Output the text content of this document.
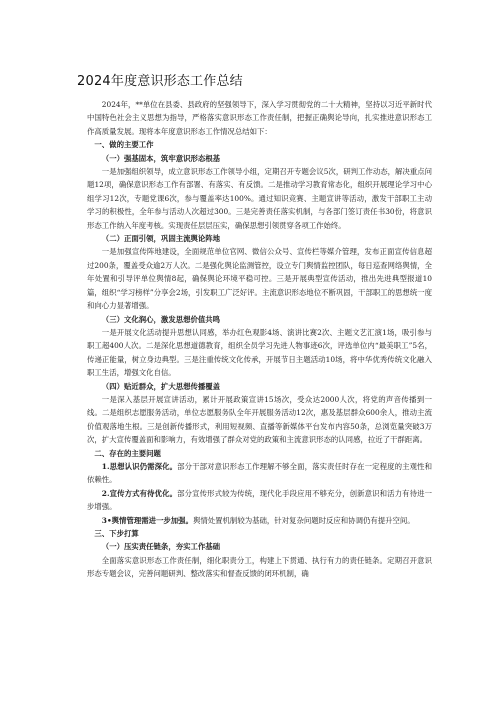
2024年度意识形态工作总结

2024年，**单位在县委、县政府的坚强领导下，深入学习贯彻党的二十大精神，坚持以习近平新时代中国特色社会主义思想为指导，严格落实意识形态工作责任制，把握正确舆论导向，扎实推进意识形态工作高质量发展。现将本年度意识形态工作情况总结如下：

一、做的主要工作

（一）强基固本，筑牢意识形态根基

一是加强组织领导，成立意识形态工作领导小组，定期召开专题会议5次，研判工作动态，解决重点问题12项，确保意识形态工作有部署、有落实、有反馈。二是推动学习教育常态化，组织开展理论学习中心组学习12次，专题党课6次，参与覆盖率达100%。通过知识竞赛、主题宣讲等活动，激发干部职工主动学习的积极性，全年参与活动人次超过300。三是完善责任落实机制，与各部门签订责任书30份，将意识形态工作纳入年度考核。实现责任层层压实，确保思想引领贯穿各项工作始终。

（二）正面引领，巩固主流舆论阵地

一是加强宣传阵地建设，全面规范单位官网、微信公众号、宣传栏等媒介管理，发布正面宣传信息超过200条，覆盖受众逾2万人次。二是强化舆论监测管控，设立专门舆情监控团队，每日巡查网络舆情，全年处置和引导评单位舆情8起，确保舆论环境平稳可控。三是开展典型宣传活动，推出先进典型报道10篇，组织“学习榜样”分享会2场，引发职工广泛好评。主流意识形态地位不断巩固，干部职工的思想统一度和向心力显著增强。

（三）文化润心，激发思想价值共鸣

一是开展文化活动提升思想认同感，举办红色观影4场、演讲比赛2次、主题文艺汇演1场，吸引参与职工超400人次。二是深化思想道德教育，组织全员学习先进人物事迹6次，评选单位内“最美职工”5名，传递正能量，树立身边典型。三是注重传统文化传承，开展节日主题活动10场，将中华优秀传统文化融入职工生活，增强文化自信。

（四）贴近群众，扩大思想传播覆盖

一是深入基层开展宣讲活动，累计开展政策宣讲15场次，受众达2000人次，将党的声音传播到一线。二是组织志愿服务活动，单位志愿服务队全年开展服务活动12次，惠及基层群众600余人，推动主流价值观落地生根。三是创新传播形式，利用短视频、直播等新媒体平台发布内容50条，总浏览量突破3万次，扩大宣传覆盖面和影响力，有效增强了群众对党的政策和主流意识形态的认同感，拉近了干群距离。

二、存在的主要问题

1.思想认识仍需深化。部分干部对意识形态工作理解不够全面，落实责任时存在一定程度的主观性和依赖性。

2.宣传方式有待优化。部分宣传形式较为传统，现代化手段应用不够充分，创新意识和活力有待进一步增强。

3•舆情管理需进一步加强。舆情处置机制较为基础，针对复杂问题时反应和协调仍有提升空间。

三、下步打算

（一）压实责任链条，夯实工作基础

全面落实意识形态工作责任制，细化职责分工，构建上下贯通、执行有力的责任链条。定期召开意识形态专题会议，完善问题研判、整改落实和督查反馈的闭环机制，确
